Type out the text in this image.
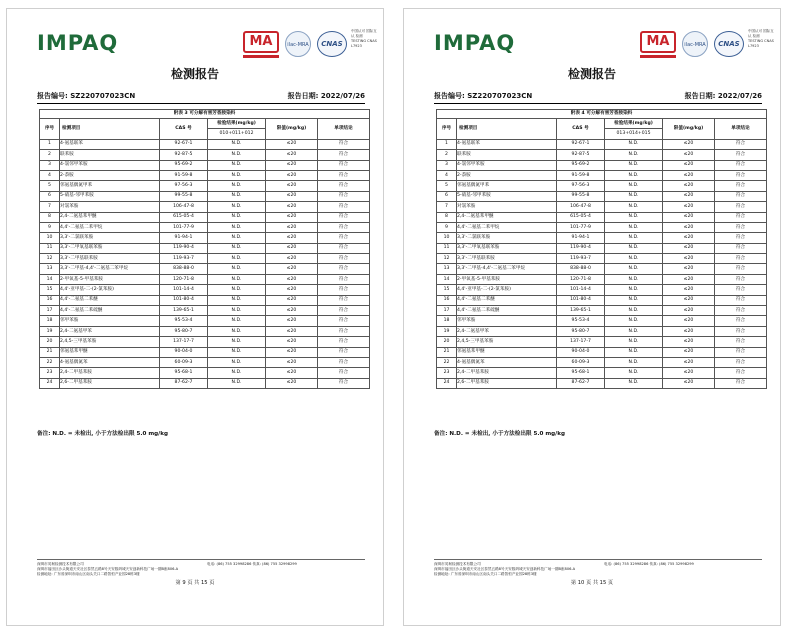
IMPAQ	MA	ilac-MRA	CNAS
中国认可 国际互认 检测 TESTING CNAS L7923
检测报告
报告编号: SZ220707023CN	报告日期: 2022/07/26
附表 3 可分解有害芳香胺染料					
序号	检测项目	CAS 号	检验结果(mg/kg)	限值(mg/kg)	单项结论
			010+011+012		
1	4-氨基联苯	92-67-1	N.D.	≤20	符合
2	联苯胺	92-87-5	N.D.	≤20	符合
3	4-氯邻甲苯胺	95-69-2	N.D.	≤20	符合
4	2-萘胺	91-59-8	N.D.	≤20	符合
5	邻氨基偶氮甲苯	97-56-3	N.D.	≤20	符合
6	5-硝基-邻甲苯胺	99-55-8	N.D.	≤20	符合
7	对氯苯胺	106-47-8	N.D.	≤20	符合
8	2,4-二氨基苯甲醚	615-05-4	N.D.	≤20	符合
9	4,4'-二氨基二苯甲烷	101-77-9	N.D.	≤20	符合
10	3,3'-二氯联苯胺	91-94-1	N.D.	≤20	符合
11	3,3'-二甲氧基联苯胺	119-90-4	N.D.	≤20	符合
12	3,3'-二甲基联苯胺	119-93-7	N.D.	≤20	符合
13	3,3'-二甲基-4,4'-二氨基二苯甲烷	838-88-0	N.D.	≤20	符合
14	2-甲氧基-5-甲基苯胺	120-71-8	N.D.	≤20	符合
15	4,4'-亚甲基-二-(2-氯苯胺)	101-14-4	N.D.	≤20	符合
16	4,4'-二氨基二苯醚	101-80-4	N.D.	≤20	符合
17	4,4'-二氨基二苯硫醚	139-65-1	N.D.	≤20	符合
18	邻甲苯胺	95-53-4	N.D.	≤20	符合
19	2,4-二氨基甲苯	95-80-7	N.D.	≤20	符合
20	2,4,5-三甲基苯胺	137-17-7	N.D.	≤20	符合
21	邻氨基苯甲醚	90-04-0	N.D.	≤20	符合
22	4-氨基偶氮苯	60-09-3	N.D.	≤20	符合
23	2,4-二甲基苯胺	95-68-1	N.D.	≤20	符合
24	2,6-二甲基苯胺	87-62-7	N.D.	≤20	符合
备注: N.D. = 未检出, 小于方法检出限 5.0 mg/kg
深圳市英柯检测技术有限公司
深圳市福田区沙头街道天安社区泰然五路8号天安数码城天安创新科技广场一期B座806-A
检测地址: 广东省深圳市南山区南头关口二路智恒产业园28栋3楼
电话: (86) 755 32998286 传真: (86) 755 32998299
第 9 页 共 15 页
IMPAQ	MA	ilac-MRA	CNAS
中国认可 国际互认 检测 TESTING CNAS L7923
检测报告
报告编号: SZ220707023CN	报告日期: 2022/07/26
附表 4 可分解有害芳香胺染料					
序号	检测项目	CAS 号	检验结果(mg/kg)	限值(mg/kg)	单项结论
			013+014+015		
1	4-氨基联苯	92-67-1	N.D.	≤20	符合
2	联苯胺	92-87-5	N.D.	≤20	符合
3	4-氯邻甲苯胺	95-69-2	N.D.	≤20	符合
4	2-萘胺	91-59-8	N.D.	≤20	符合
5	邻氨基偶氮甲苯	97-56-3	N.D.	≤20	符合
6	5-硝基-邻甲苯胺	99-55-8	N.D.	≤20	符合
7	对氯苯胺	106-47-8	N.D.	≤20	符合
8	2,4-二氨基苯甲醚	615-05-4	N.D.	≤20	符合
9	4,4'-二氨基二苯甲烷	101-77-9	N.D.	≤20	符合
10	3,3'-二氯联苯胺	91-94-1	N.D.	≤20	符合
11	3,3'-二甲氧基联苯胺	119-90-4	N.D.	≤20	符合
12	3,3'-二甲基联苯胺	119-93-7	N.D.	≤20	符合
13	3,3'-二甲基-4,4'-二氨基二苯甲烷	838-88-0	N.D.	≤20	符合
14	2-甲氧基-5-甲基苯胺	120-71-8	N.D.	≤20	符合
15	4,4'-亚甲基-二-(2-氯苯胺)	101-14-4	N.D.	≤20	符合
16	4,4'-二氨基二苯醚	101-80-4	N.D.	≤20	符合
17	4,4'-二氨基二苯硫醚	139-65-1	N.D.	≤20	符合
18	邻甲苯胺	95-53-4	N.D.	≤20	符合
19	2,4-二氨基甲苯	95-80-7	N.D.	≤20	符合
20	2,4,5-三甲基苯胺	137-17-7	N.D.	≤20	符合
21	邻氨基苯甲醚	90-04-0	N.D.	≤20	符合
22	4-氨基偶氮苯	60-09-3	N.D.	≤20	符合
23	2,4-二甲基苯胺	95-68-1	N.D.	≤20	符合
24	2,6-二甲基苯胺	87-62-7	N.D.	≤20	符合
备注: N.D. = 未检出, 小于方法检出限 5.0 mg/kg
深圳市英柯检测技术有限公司
深圳市福田区沙头街道天安社区泰然五路8号天安数码城天安创新科技广场一期B座806-A
检测地址: 广东省深圳市南山区南头关口二路智恒产业园28栋3楼
电话: (86) 755 32998286 传真: (86) 755 32998299
第 10 页 共 15 页
